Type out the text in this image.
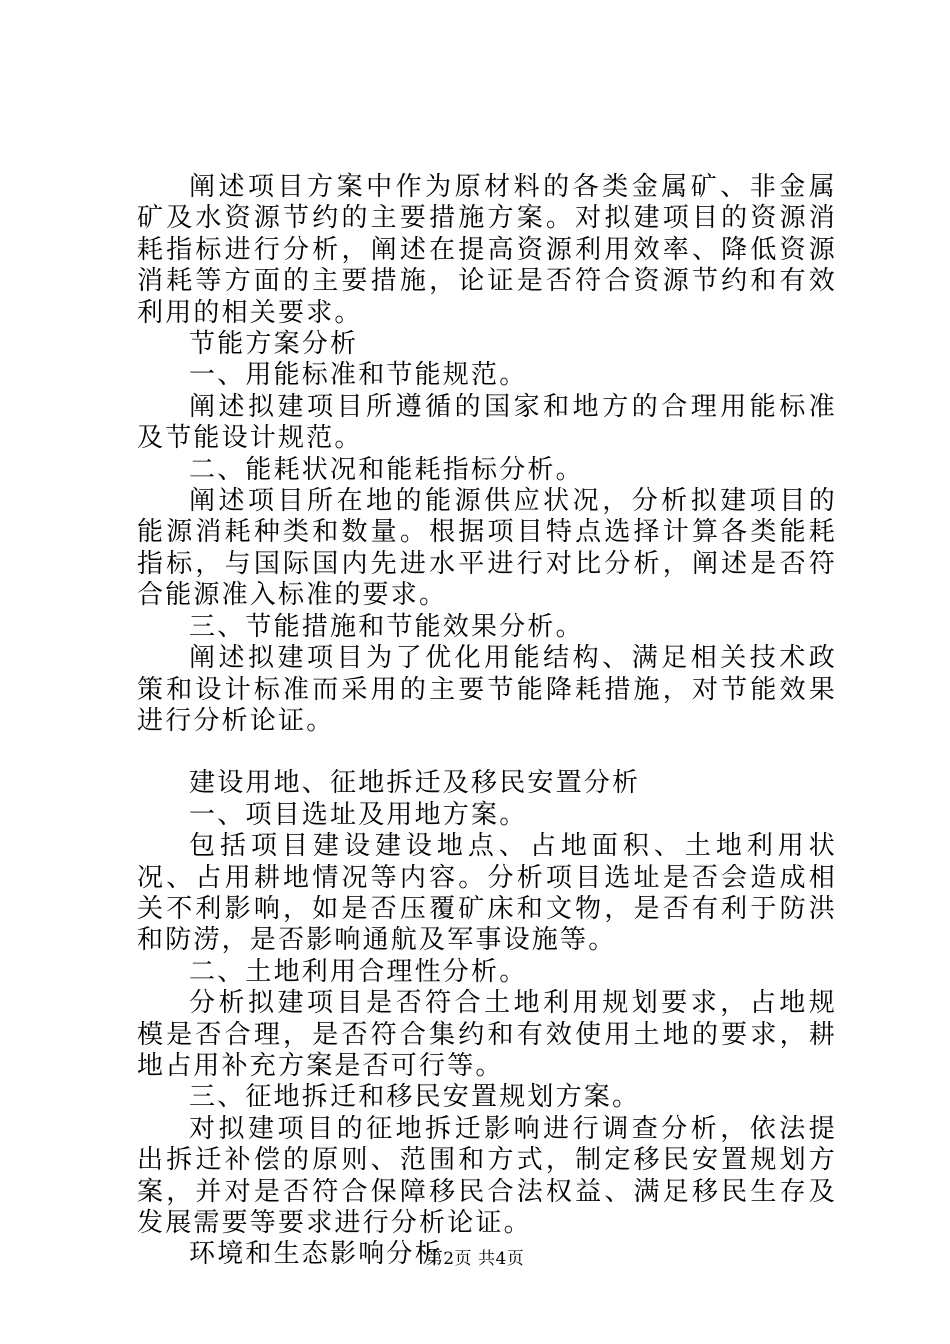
阐述项目方案中作为原材料的各类金属矿、非金属矿及水资源节约的主要措施方案。对拟建项目的资源消耗指标进行分析，阐述在提高资源利用效率、降低资源消耗等方面的主要措施，论证是否符合资源节约和有效利用的相关要求。

节能方案分析

一、用能标准和节能规范。

阐述拟建项目所遵循的国家和地方的合理用能标准及节能设计规范。

二、能耗状况和能耗指标分析。

阐述项目所在地的能源供应状况，分析拟建项目的能源消耗种类和数量。根据项目特点选择计算各类能耗指标，与国际国内先进水平进行对比分析，阐述是否符合能源准入标准的要求。

三、节能措施和节能效果分析。

阐述拟建项目为了优化用能结构、满足相关技术政策和设计标准而采用的主要节能降耗措施，对节能效果进行分析论证。

建设用地、征地拆迁及移民安置分析

一、项目选址及用地方案。

包括项目建设建设地点、占地面积、土地利用状况、占用耕地情况等内容。分析项目选址是否会造成相关不利影响，如是否压覆矿床和文物，是否有利于防洪和防涝，是否影响通航及军事设施等。

二、土地利用合理性分析。

分析拟建项目是否符合土地利用规划要求，占地规模是否合理，是否符合集约和有效使用土地的要求，耕地占用补充方案是否可行等。

三、征地拆迁和移民安置规划方案。

对拟建项目的征地拆迁影响进行调查分析，依法提出拆迁补偿的原则、范围和方式，制定移民安置规划方案，并对是否符合保障移民合法权益、满足移民生存及发展需要等要求进行分析论证。

环境和生态影响分析

第2页 共4页
